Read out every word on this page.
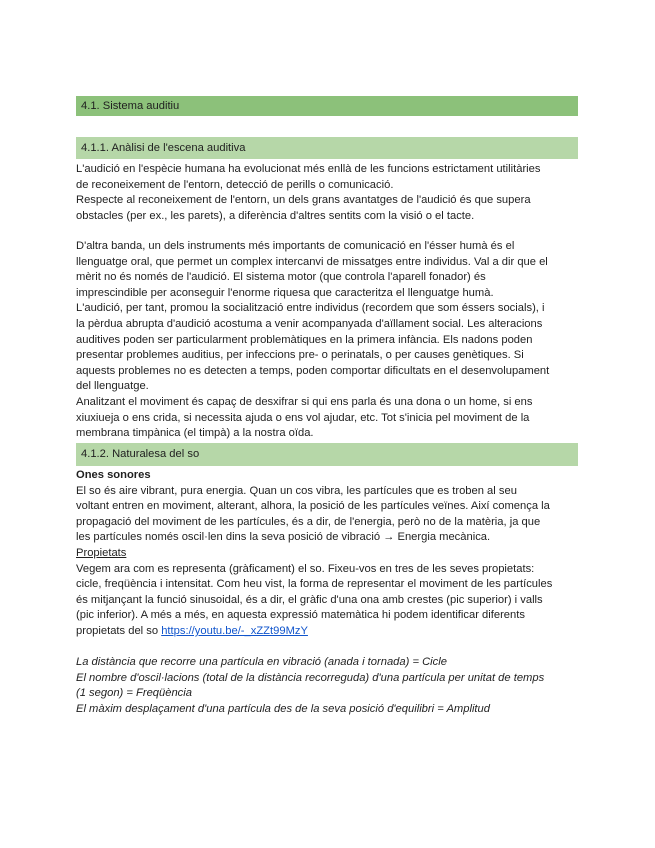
4.1. Sistema auditiu
4.1.1. Anàlisi de l'escena auditiva

L'audició en l'espècie humana ha evolucionat més enllà de les funcions estrictament utilitàries

de reconeixement de l'entorn, detecció de perills o comunicació.

Respecte al reconeixement de l'entorn, un dels grans avantatges de l'audició és que supera

obstacles (per ex., les parets), a diferència d'altres sentits com la visió o el tacte.

D'altra banda, un dels instruments més importants de comunicació en l'ésser humà és el

llenguatge oral, que permet un complex intercanvi de missatges entre individus. Val a dir que el

mèrit no és només de l'audició. El sistema motor (que controla l'aparell fonador) és

imprescindible per aconseguir l'enorme riquesa que caracteritza el llenguatge humà.

L'audició, per tant, promou la socialització entre individus (recordem que som éssers socials), i

la pèrdua abrupta d'audició acostuma a venir acompanyada d'aïllament social. Les alteracions

auditives poden ser particularment problemàtiques en la primera infància. Els nadons poden

presentar problemes auditius, per infeccions pre- o perinatals, o per causes genètiques. Si

aquests problemes no es detecten a temps, poden comportar dificultats en el desenvolupament

del llenguatge.

Analitzant el moviment és capaç de desxifrar si qui ens parla és una dona o un home, si ens

xiuxiueja o ens crida, si necessita ajuda o ens vol ajudar, etc. Tot s'inicia pel moviment de la

membrana timpànica (el timpà) a la nostra oïda.

4.1.2. Naturalesa del so

Ones sonores

El so és aire vibrant, pura energia. Quan un cos vibra, les partícules que es troben al seu

voltant entren en moviment, alterant, alhora, la posició de les partícules veïnes. Així comença la

propagació del moviment de les partícules, és a dir, de l'energia, però no de la matèria, ja que

les partícules només oscil·len dins la seva posició de vibració → Energia mecànica.

Propietats

Vegem ara com es representa (gràficament) el so. Fixeu-vos en tres de les seves propietats:

cicle, freqüència i intensitat. Com heu vist, la forma de representar el moviment de les partícules

és mitjançant la funció sinusoidal, és a dir, el gràfic d'una ona amb crestes (pic superior) i valls

(pic inferior). A més a més, en aquesta expressió matemàtica hi podem identificar diferents

propietats del so https://youtu.be/-_xZZt99MzY

La distància que recorre una partícula en vibració (anada i tornada) = Cicle

El nombre d'oscil·lacions (total de la distància recorreguda) d'una partícula per unitat de temps

(1 segon) = Freqüència

El màxim desplaçament d'una partícula des de la seva posició d'equilibri = Amplitud
